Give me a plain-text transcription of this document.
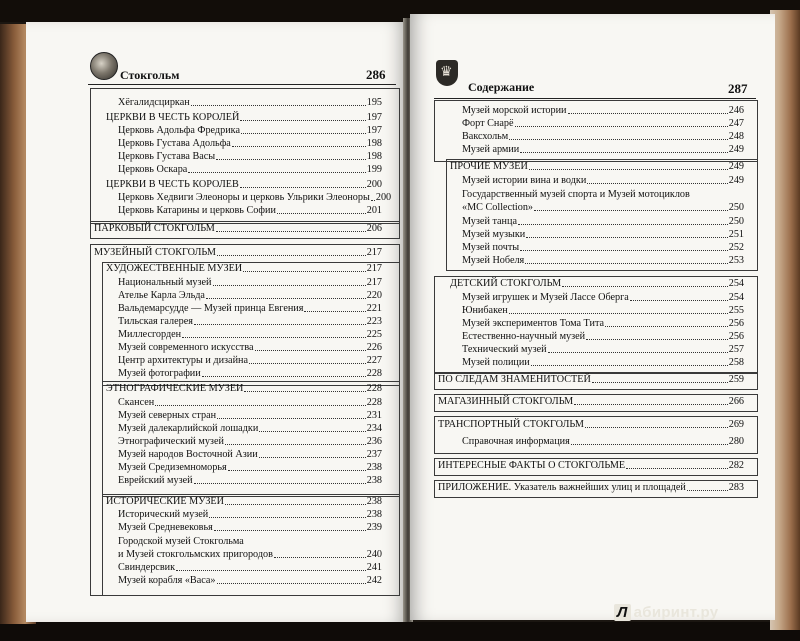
Стокгольм	286
Хёгалидсциркан	195
ЦЕРКВИ В ЧЕСТЬ КОРОЛЕЙ	197
Церковь Адольфа Фредрика	197
Церковь Густава Адольфа	198
Церковь Густава Васы	198
Церковь Оскара	199
ЦЕРКВИ В ЧЕСТЬ КОРОЛЕВ	200
Церковь Хедвиги Элеоноры и церковь Ульрики Элеоноры 200
Церковь Катарины и церковь Софии	201
ПАРКОВЫЙ СТОКГОЛЬМ	206
МУЗЕЙНЫЙ СТОКГОЛЬМ	217
ХУДОЖЕСТВЕННЫЕ МУЗЕИ	217
Национальный музей	217
Ателье Карла Эльда	220
Вальдемарсудде — Музей принца Евгения	221
Тильская галерея	223
Миллесгорден	225
Музей современного искусства	226
Центр архитектуры и дизайна	227
Музей фотографии	228
ЭТНОГРАФИЧЕСКИЕ МУЗЕИ	228
Скансен	228
Музей северных стран	231
Музей далекарлийской лошадки	234
Этнографический музей	236
Музей народов Восточной Азии	237
Музей Средиземноморья	238
Еврейский музей	238
ИСТОРИЧЕСКИЕ МУЗЕИ	238
Исторический музей	238
Музей Средневековья	239
Городской музей Стокгольма
и Музей стокгольмских пригородов	240
Свиндерсвик	241
Музей корабля «Васа»	242
♛
Содержание	287
Музей морской истории	246
Форт Снарё	247
Ваксхольм	248
Музей армии	249
ПРОЧИЕ МУЗЕИ	249
Музей истории вина и водки	249
Государственный музей спорта и Музей мотоциклов
«MC Collection»	250
Музей танца	250
Музей музыки	251
Музей почты	252
Музей Нобеля	253
ДЕТСКИЙ СТОКГОЛЬМ	254
Музей игрушек и Музей Лассе Оберга	254
Юнибакен	255
Музей экспериментов Тома Тита	256
Естественно-научный музей	256
Технический музей	257
Музей полиции	258
ПО СЛЕДАМ ЗНАМЕНИТОСТЕЙ	259
МАГАЗИННЫЙ СТОКГОЛЬМ	266
ТРАНСПОРТНЫЙ СТОКГОЛЬМ	269
Справочная информация	280
ИНТЕРЕСНЫЕ ФАКТЫ О СТОКГОЛЬМЕ	282
ПРИЛОЖЕНИЕ. Указатель важнейших улиц и площадей	283
Л абиринт.ру
